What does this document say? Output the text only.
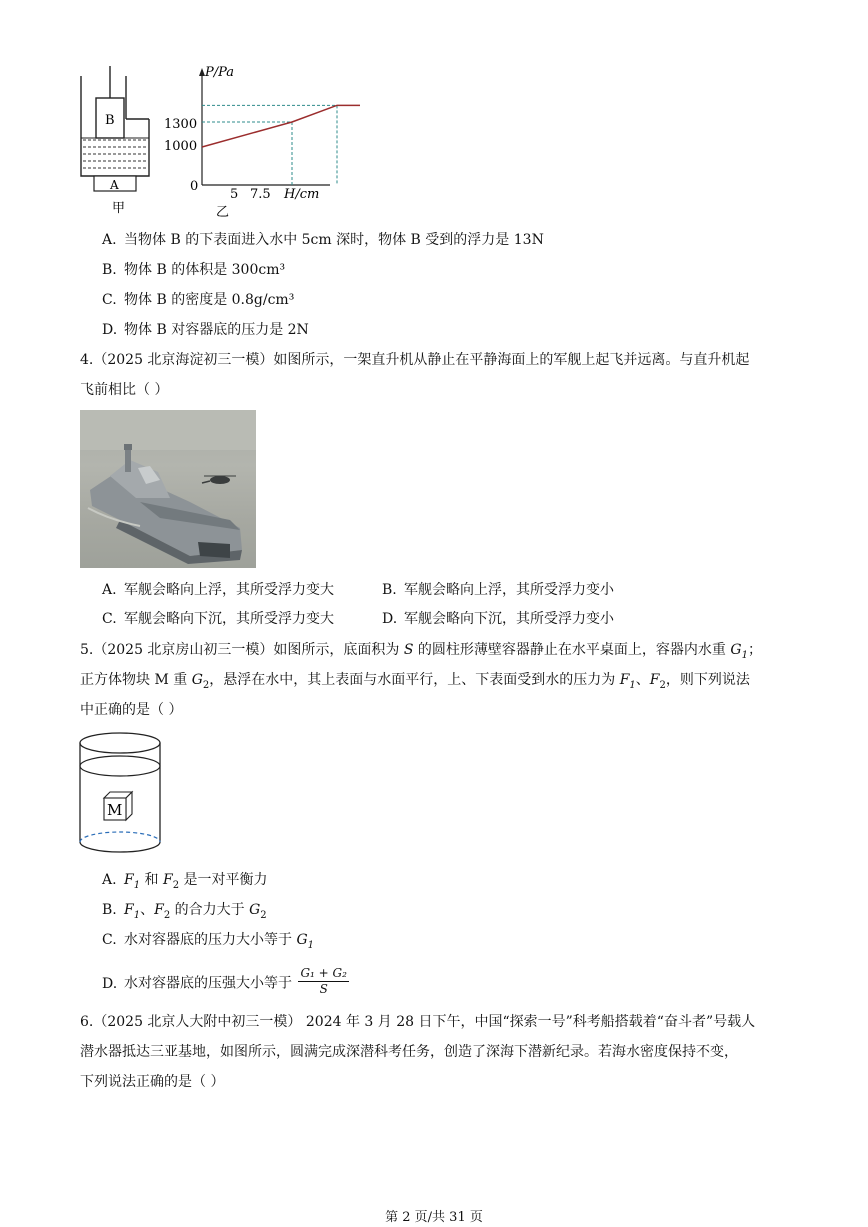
B
A
甲
P/Pa
H/cm
0
1300
1000
5 7.5
乙
A. 当物体 B 的下表面进入水中 5cm 深时，物体 B 受到的浮力是 13N
B. 物体 B 的体积是 300cm³
C. 物体 B 的密度是 0.8g/cm³
D. 物体 B 对容器底的压力是 2N
4.（2025 北京海淀初三一模）如图所示，一架直升机从静止在平静海面上的军舰上起飞并远离。与直升机起
飞前相比（ ）
A. 军舰会略向上浮，其所受浮力变大	B. 军舰会略向上浮，其所受浮力变小
C. 军舰会略向下沉，其所受浮力变大	D. 军舰会略向下沉，其所受浮力变小
5.（2025 北京房山初三一模）如图所示，底面积为 S 的圆柱形薄壁容器静止在水平桌面上，容器内水重 $G_1$；
正方体物块 M 重 $G_2$，悬浮在水中，其上表面与水面平行，上、下表面受到水的压力为 $F_1$、$F_2$，则下列说法
中正确的是（ ）
M
A. $F_1$ 和 $F_2$ 是一对平衡力
B. $F_1$、$F_2$ 的合力大于 $G_2$
C. 水对容器底的压力大小等于 $G_1$
D. 水对容器底的压强大小等于 $\frac{\text{G₁ + G₂}}{S}$
6.（2025 北京人大附中初三一模） 2024 年 3 月 28 日下午，中国“探索一号”科考船搭载着“奋斗者”号载人
潜水器抵达三亚基地，如图所示，圆满完成深潜科考任务，创造了深海下潜新纪录。若海水密度保持不变，
下列说法正确的是（ ）
第 2 页/共 31 页
